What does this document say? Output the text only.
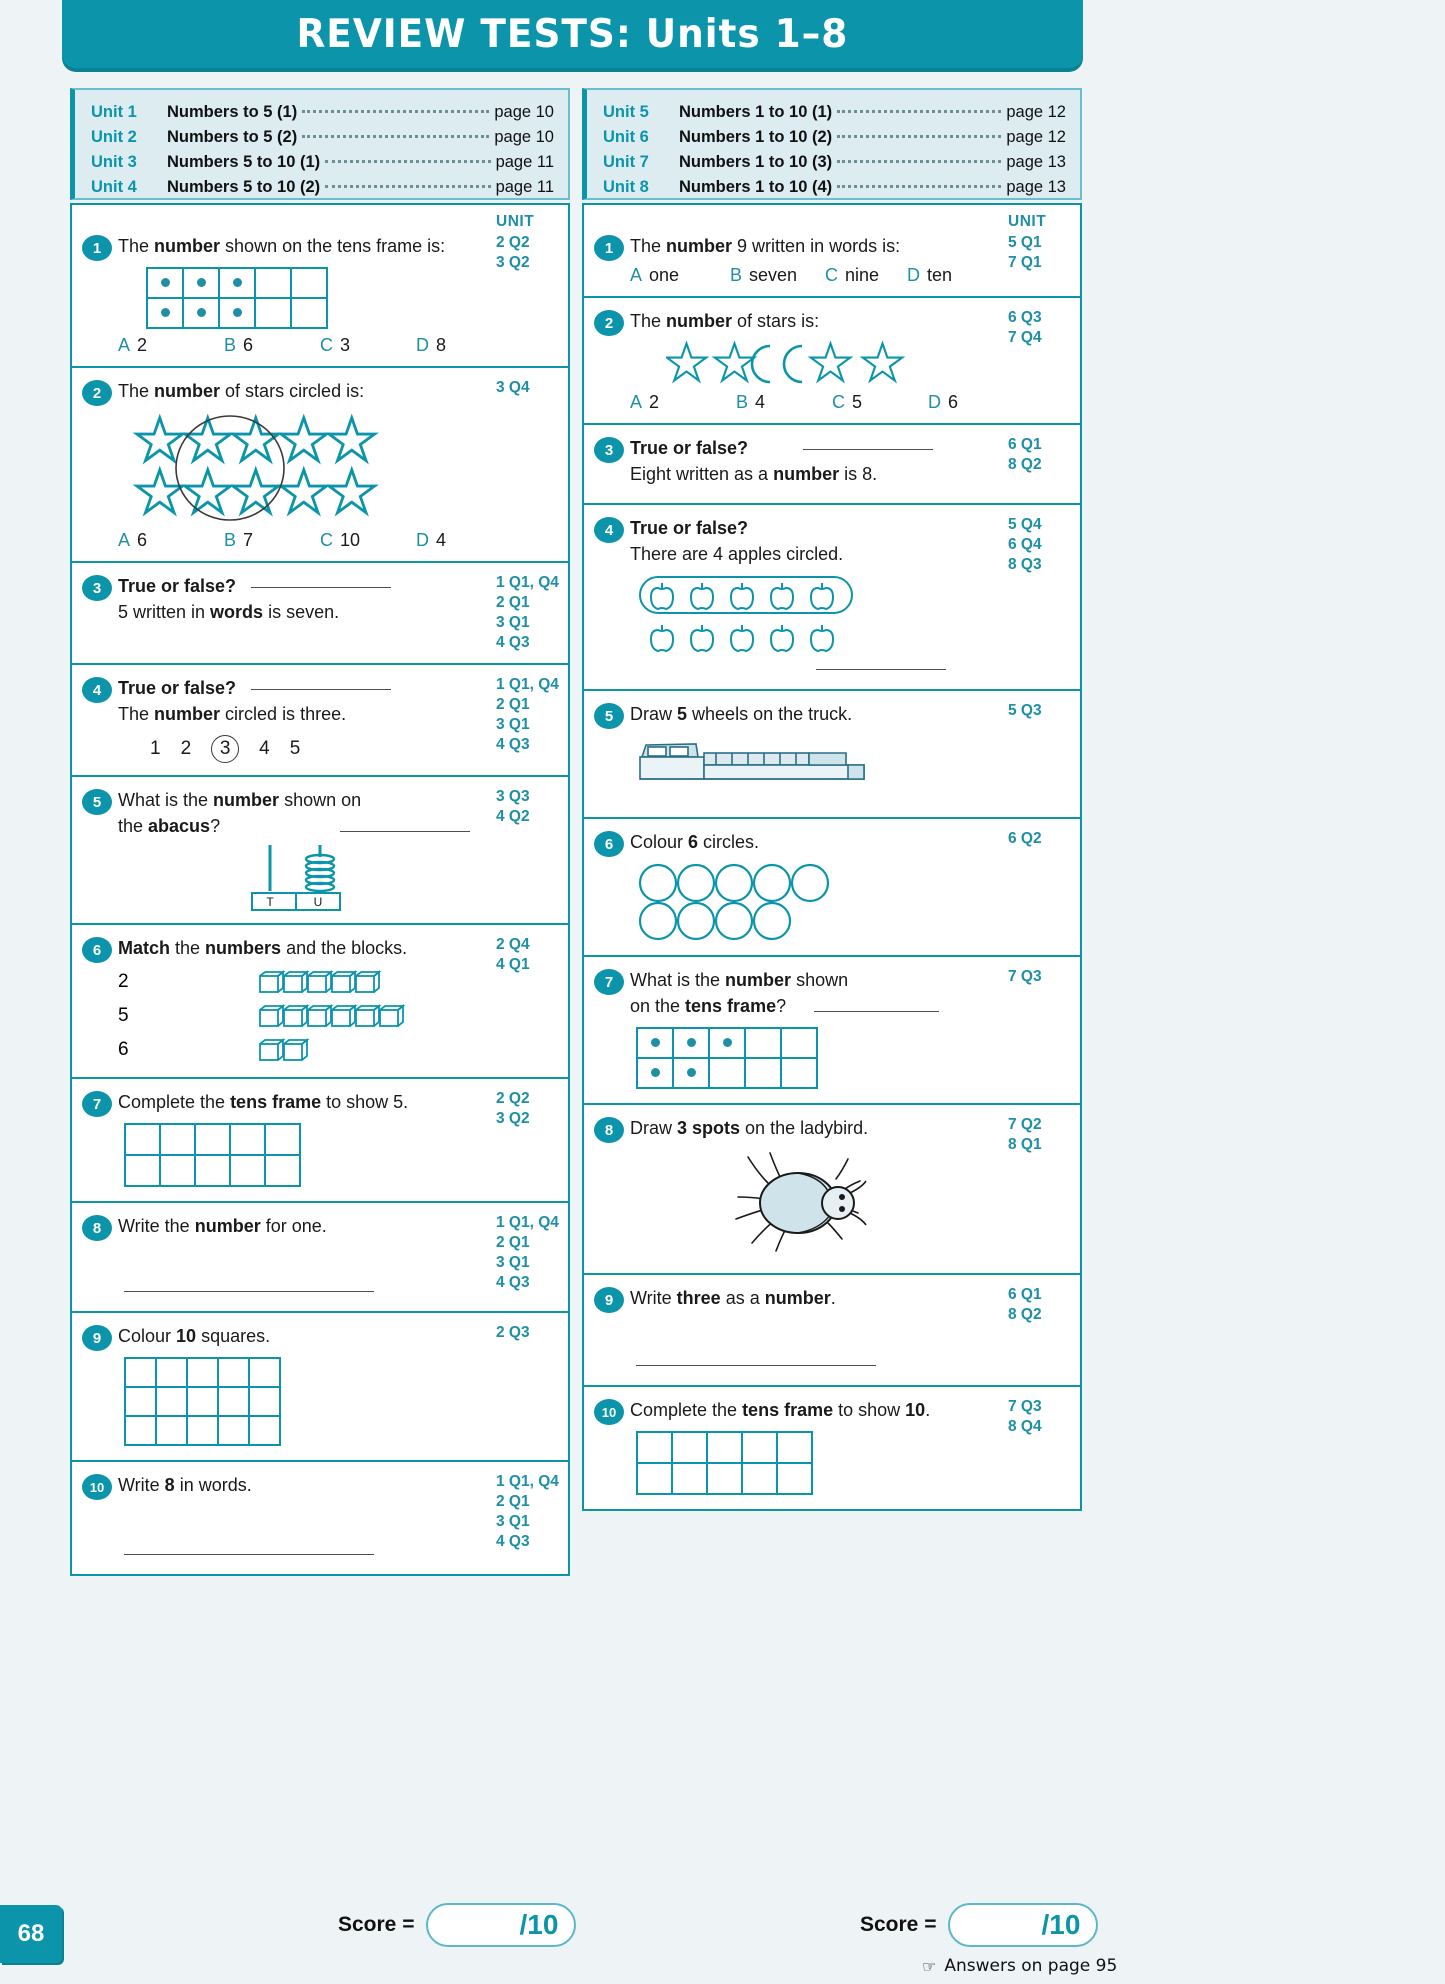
REVIEW TESTS: Units 1–8
Unit 1	Numbers to 5 (1)	page 10
Unit 2	Numbers to 5 (2)	page 10
Unit 3	Numbers 5 to 10 (1)	page 11
Unit 4	Numbers 5 to 10 (2)	page 11
Unit 5	Numbers 1 to 10 (1)	page 12
Unit 6	Numbers 1 to 10 (2)	page 12
Unit 7	Numbers 1 to 10 (3)	page 13
Unit 8	Numbers 1 to 10 (4)	page 13
UNIT
1 The number shown on the tens frame is:

A 2	B 6	C 3	D 8
2 Q2
3 Q2
2 The number of stars circled is:
A 6	B 7	C 10	D 4
3 Q4
3 True or false?
5 written in words is seven.
1 Q1, Q4
2 Q1
3 Q1
4 Q3
4 True or false?
The number circled is three.
1 2	3	4 5
1 Q1, Q4
2 Q1
3 Q1
4 Q3
5 What is the number shown on
the abacus?
T	U
3 Q3
4 Q2
6 Match the numbers and the blocks.
2
5
6
2 Q4
4 Q1
7 Complete the tens frame to show 5.

					2 Q2
3 Q2
8 Write the number for one.	1 Q1, Q4
2 Q1
3 Q1
4 Q3
9 Colour 10 squares.

					2 Q3
10 Write 8 in words.	1 Q1, Q4
2 Q1
3 Q1
4 Q3
UNIT
1 The number 9 written in words is:
A one	B seven C nine D ten
5 Q1
7 Q1
2 The number of stars is:
A 2	B 4	C 5	D 6
6 Q3
7 Q4
3 True or false?
Eight written as a number is 8.
6 Q1
8 Q2
4 True or false?
There are 4 apples circled.
5 Q4
6 Q4
8 Q3
5 Draw 5 wheels on the truck.	5 Q3
6 Colour 6 circles.	6 Q2
7 What is the number shown
on the tens frame?

7 Q3
8 Draw 3 spots on the ladybird.	7 Q2
8 Q1
9 Write three as a number.	6 Q1
8 Q2
10 Complete the tens frame to show 10.

					7 Q3
8 Q4
Score =	/10	Score =	/10
☞ Answers on page 95
68
